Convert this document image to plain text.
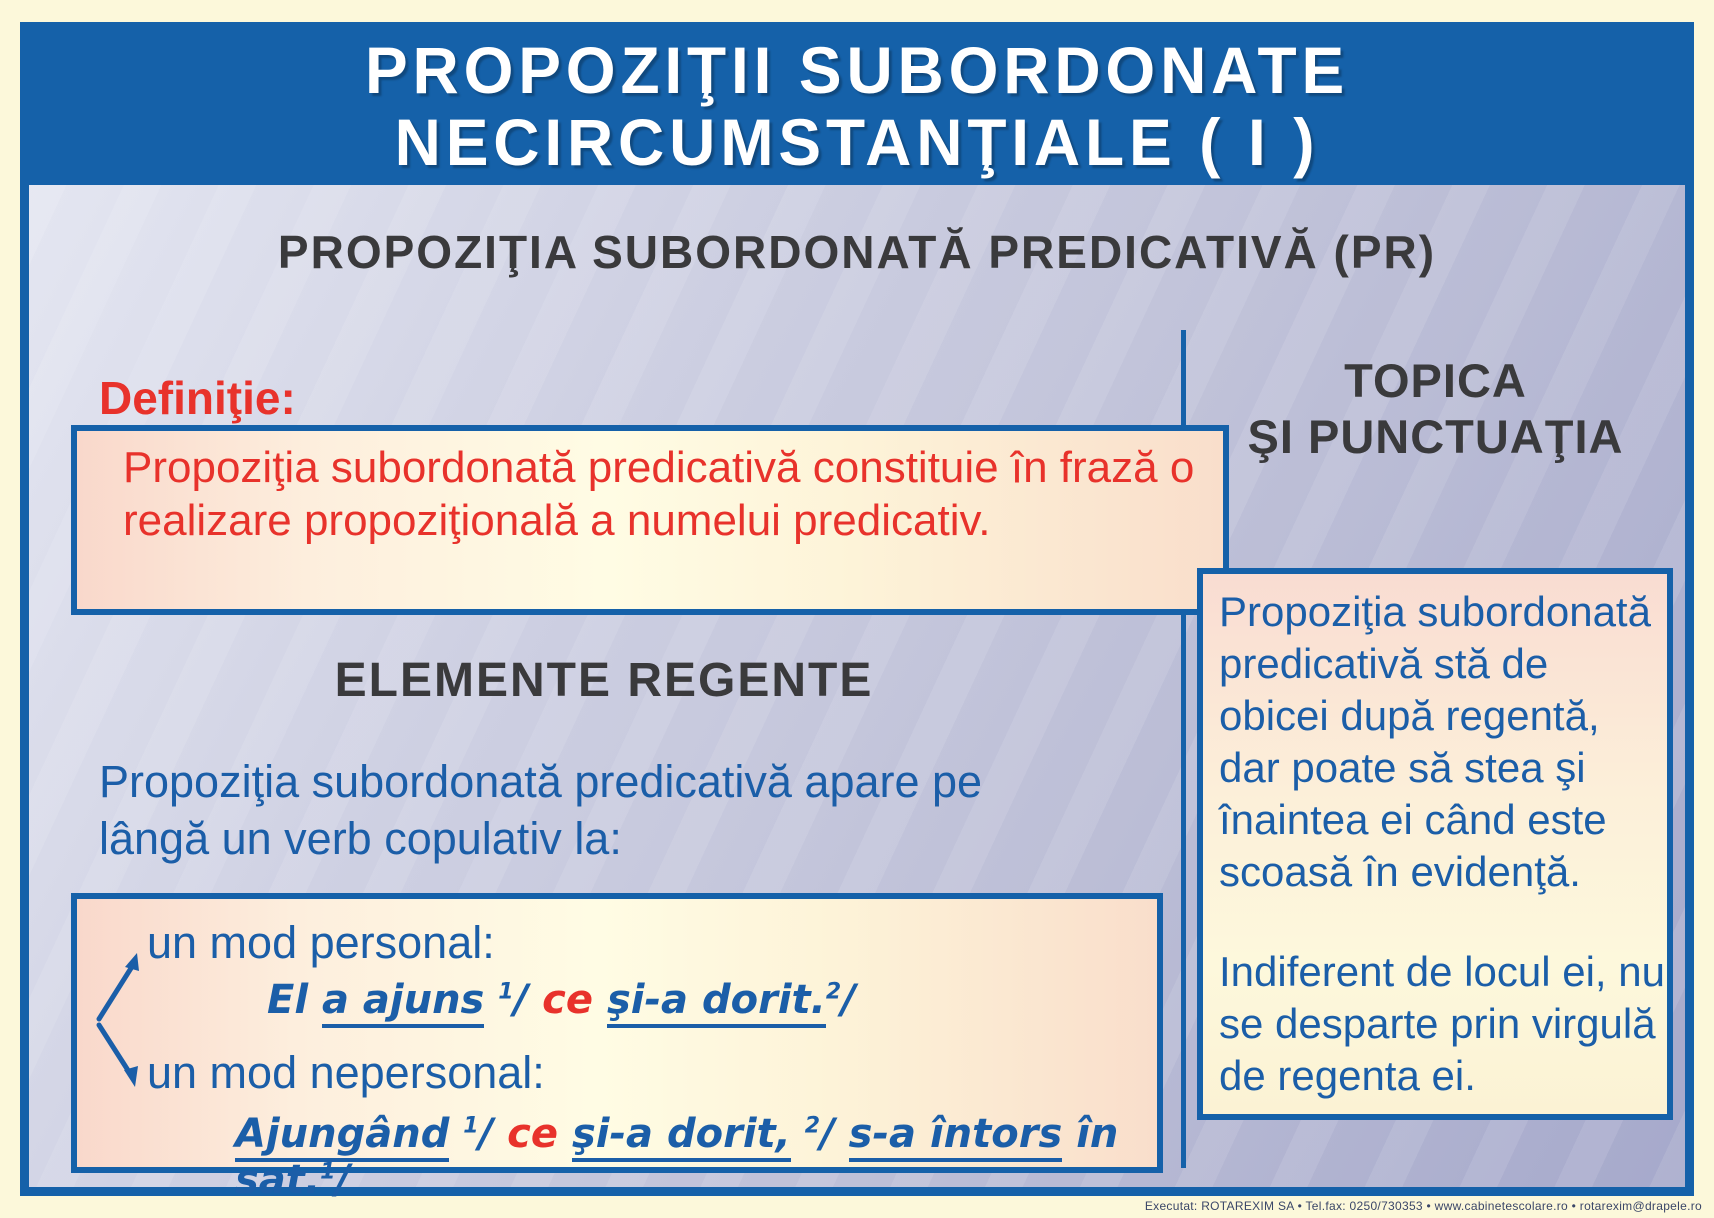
PROPOZIŢII SUBORDONATE
NECIRCUMSTANŢIALE ( I )
PROPOZIŢIA SUBORDONATĂ PREDICATIVĂ (PR)
Definiţie:
Propoziţia subordonată predicativă constituie în frază o realizare propoziţională a numelui predicativ.
ELEMENTE REGENTE
Propoziţia subordonată predicativă apare pe
lângă un verb copulativ la:
un mod personal:
El a ajuns $^1$/ ce şi-a dorit.$^2$/
un mod nepersonal:
Ajungând $^1$/ ce şi-a dorit, $^2$/ s-a întors în sat.$^1$/
TOPICA
ŞI PUNCTUAŢIA

Propoziţia subordonată predicativă stă de obicei după regentă, dar poate să stea şi înaintea ei când este scoasă în evidenţă.

Indiferent de locul ei, nu se desparte prin virgulă de regenta ei.

Executat: ROTAREXIM SA • Tel.fax: 0250/730353 • www.cabinetescolare.ro • rotarexim@drapele.ro
